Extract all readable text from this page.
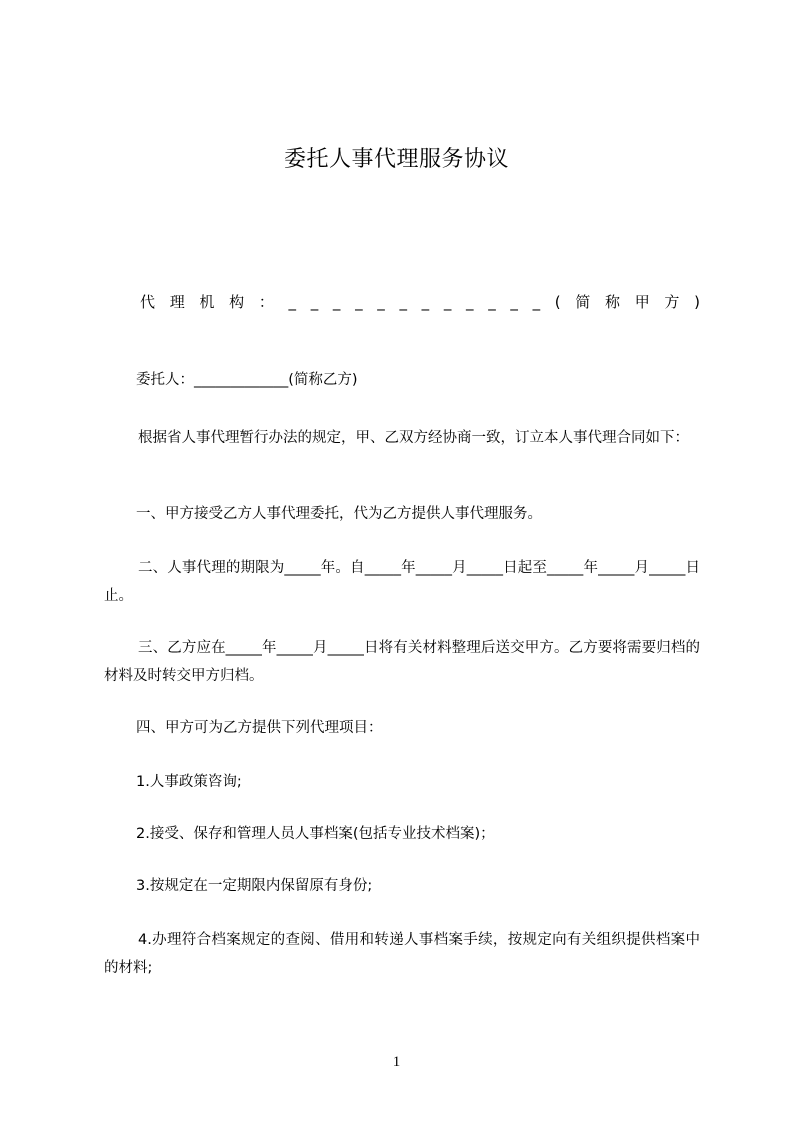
委托人事代理服务协议
代 理 机 构 ： _ _ _ _ _ _ _ _ _ _ _ _ ( 简 称 甲 方 )
委托人：_____________(简称乙方)
根据省人事代理暂行办法的规定，甲、乙双方经协商一致，订立本人事代理合同如下：
一、甲方接受乙方人事代理委托，代为乙方提供人事代理服务。
二、人事代理的期限为_____年。自_____年_____月_____日起至_____年_____月_____日止。
三、乙方应在_____年_____月_____日将有关材料整理后送交甲方。乙方要将需要归档的材料及时转交甲方归档。
四、甲方可为乙方提供下列代理项目：
1.人事政策咨询;
2.接受、保存和管理人员人事档案(包括专业技术档案)；
3.按规定在一定期限内保留原有身份;
4.办理符合档案规定的查阅、借用和转递人事档案手续，按规定向有关组织提供档案中的材料;
1
